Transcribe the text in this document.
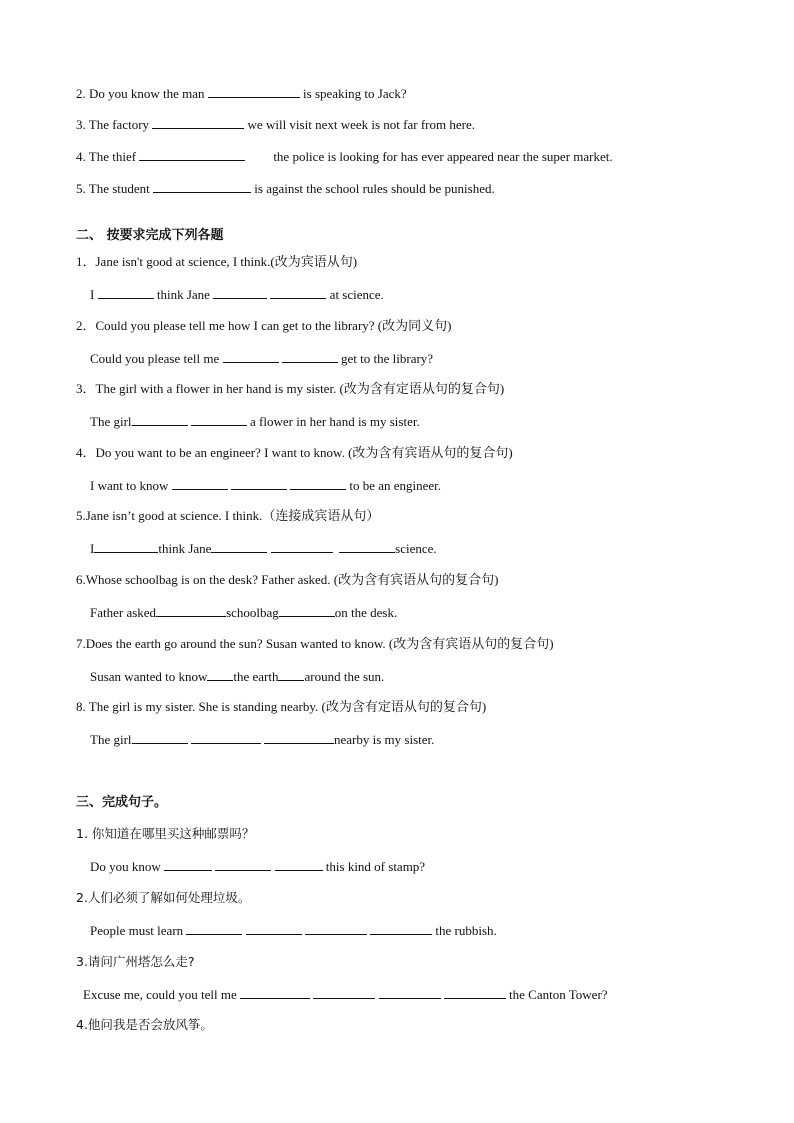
2. Do you know the man	is speaking to Jack?
3. The factory	we will visit next week is not far from here.
4. The thief	the police is looking for has ever appeared near the super market.
5. The student	is against the school rules should be punished.
二、 按要求完成下列各题
1．Jane isn't good at science, I think.(改为宾语从句)
I	think Jane	at science.
2．Could you please tell me how I can get to the library? (改为同义句)
Could you please tell me	get to the library?
3．The girl with a flower in her hand is my sister. (改为含有定语从句的复合句)
The girl	a flower in her hand is my sister.
4．Do you want to be an engineer? I want to know. (改为含有宾语从句的复合句)
I want to know	to be an engineer.
5.Jane isn’t good at science. I think.（连接成宾语从句）
I	think Jane	science.
6.Whose schoolbag is on the desk? Father asked. (改为含有宾语从句的复合句)
Father asked	schoolbag	on the desk.
7.Does the earth go around the sun? Susan wanted to know. (改为含有宾语从句的复合句)
Susan wanted to know the earth around the sun.
8. The girl is my sister. She is standing nearby. (改为含有定语从句的复合句)
The girl	nearby is my sister.
三、完成句子。
1. 你知道在哪里买这种邮票吗？
Do you know	this kind of stamp?
2.人们必须了解如何处理垃圾。
People must learn	the rubbish.
3.请问广州塔怎么走?
Excuse me, could you tell me	the Canton Tower?
4.他问我是否会放风筝。
